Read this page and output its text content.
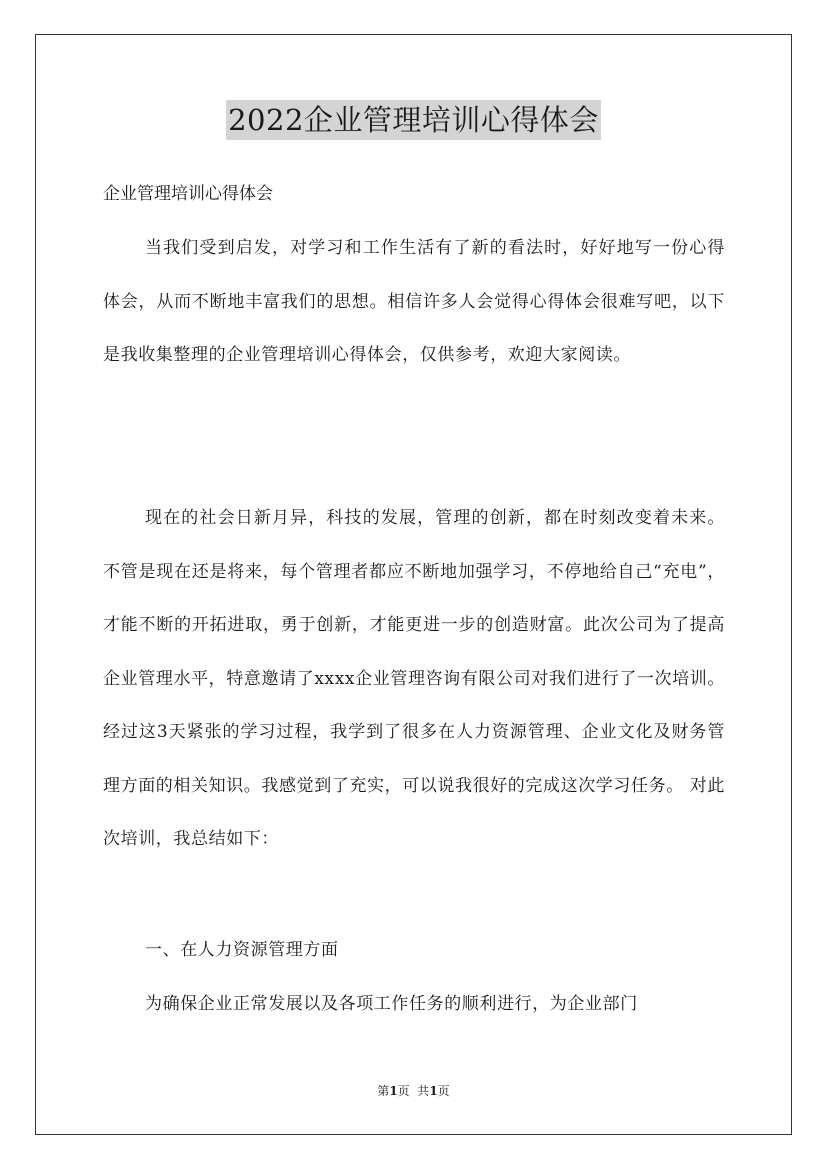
2022企业管理培训心得体会
企业管理培训心得体会

当我们受到启发，对学习和工作生活有了新的看法时，好好地写一份心得体会，从而不断地丰富我们的思想。相信许多人会觉得心得体会很难写吧，以下是我收集整理的企业管理培训心得体会，仅供参考，欢迎大家阅读。

现在的社会日新月异，科技的发展，管理的创新，都在时刻改变着未来。不管是现在还是将来，每个管理者都应不断地加强学习，不停地给自己“充电”，才能不断的开拓进取，勇于创新，才能更进一步的创造财富。此次公司为了提高企业管理水平，特意邀请了xxxx企业管理咨询有限公司对我们进行了一次培训。经过这3天紧张的学习过程，我学到了很多在人力资源管理、企业文化及财务管理方面的相关知识。我感觉到了充实，可以说我很好的完成这次学习任务。 对此次培训，我总结如下：

一、在人力资源管理方面

为确保企业正常发展以及各项工作任务的顺利进行，为企业部门

第1页  共1页
